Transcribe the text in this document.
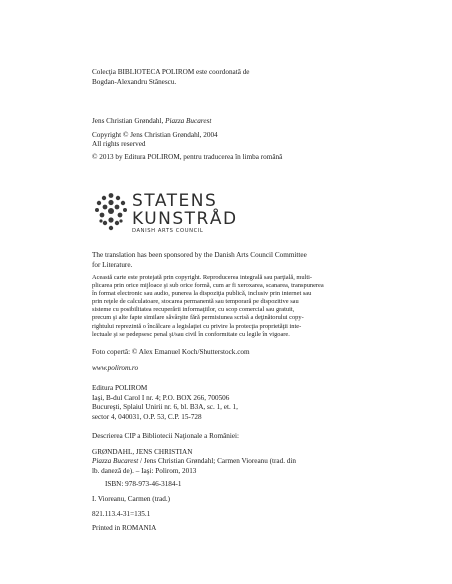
Colecţia BIBLIOTECA POLIROM este coordonată de
Bogdan-Alexandru Stănescu.
Jens Christian Grøndahl, Piazza Bucarest
Copyright © Jens Christian Grøndahl, 2004
All rights reserved
© 2013 by Editura POLIROM, pentru traducerea în limba română
STATENS
KUNSTRÅD
DANISH ARTS COUNCIL
The translation has been sponsored by the Danish Arts Council Committee
for Literature.
Această carte este protejată prin copyright. Reproducerea integrală sau parţială, multi-
plicarea prin orice mijloace şi sub orice formă, cum ar fi xeroxarea, scanarea, transpunerea
în format electronic sau audio, punerea la dispoziţia publică, inclusiv prin internet sau
prin reţele de calculatoare, stocarea permanentă sau temporară pe dispozitive sau
sisteme cu posibilitatea recuperării informaţiilor, cu scop comercial sau gratuit,
precum şi alte fapte similare săvârşite fără permisiunea scrisă a deţinătorului copy-
rightului reprezintă o încălcare a legislaţiei cu privire la protecţia proprietăţii inte-
lectuale şi se pedepsesc penal şi/sau civil în conformitate cu legile în vigoare.
Foto copertă: © Alex Emanuel Koch/Shutterstock.com
www.polirom.ro
Editura POLIROM
Iaşi, B-dul Carol I nr. 4; P.O. BOX 266, 700506
Bucureşti, Splaiul Unirii nr. 6, bl. B3A, sc. 1, et. 1,
sector 4, 040031, O.P. 53, C.P. 15-728
Descrierea CIP a Bibliotecii Naţionale a României:
GRØNDAHL, JENS CHRISTIAN
Piazza Bucarest / Jens Christian Grøndahl; Carmen Vioreanu (trad. din
lb. daneză de). – Iaşi: Polirom, 2013
ISBN: 978-973-46-3184-1
I. Vioreanu, Carmen (trad.)
821.113.4-31=135.1
Printed in ROMANIA
